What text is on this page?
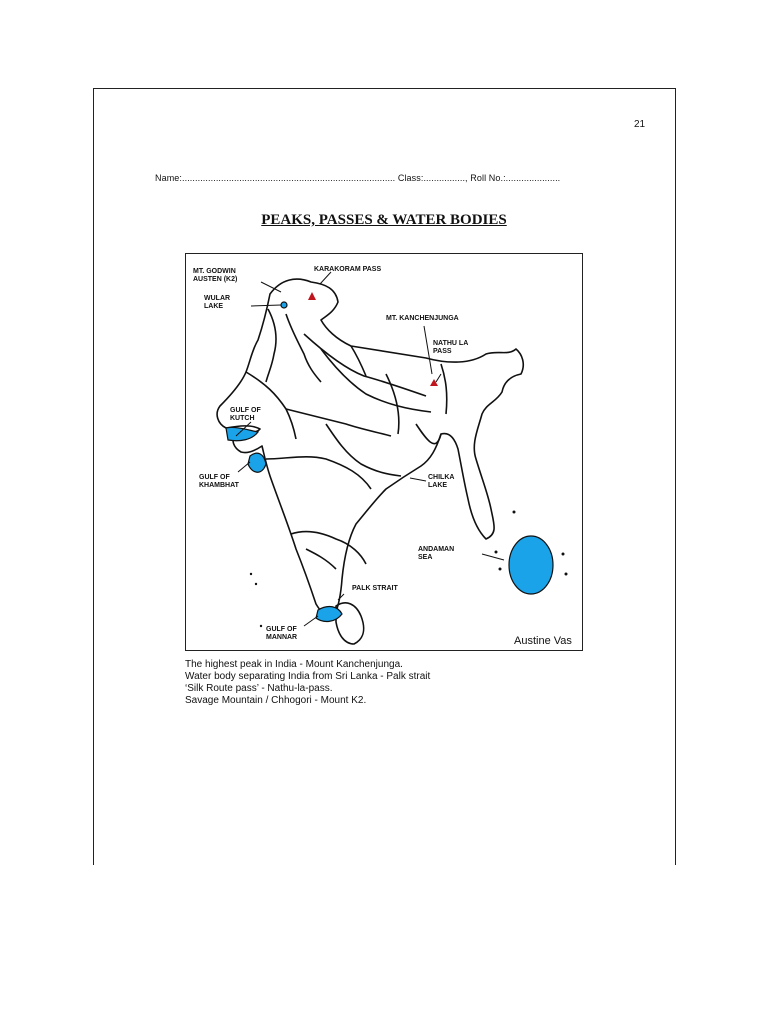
21
Name:.................................................................................. Class:................, Roll No.:.....................
PEAKS, PASSES & WATER BODIES
MT. GODWIN
AUSTEN (K2)
KARAKORAM PASS
WULAR
LAKE
MT. KANCHENJUNGA
NATHU LA
PASS
GULF OF
KUTCH
GULF OF
KHAMBHAT
CHILKA
LAKE
ANDAMAN
SEA
PALK STRAIT
GULF OF
MANNAR	Austine Vas
The highest peak in India - Mount Kanchenjunga.
Water body separating India from Sri Lanka - Palk strait
‘Silk Route pass’ - Nathu-la-pass.
Savage Mountain / Chhogori - Mount K2.
